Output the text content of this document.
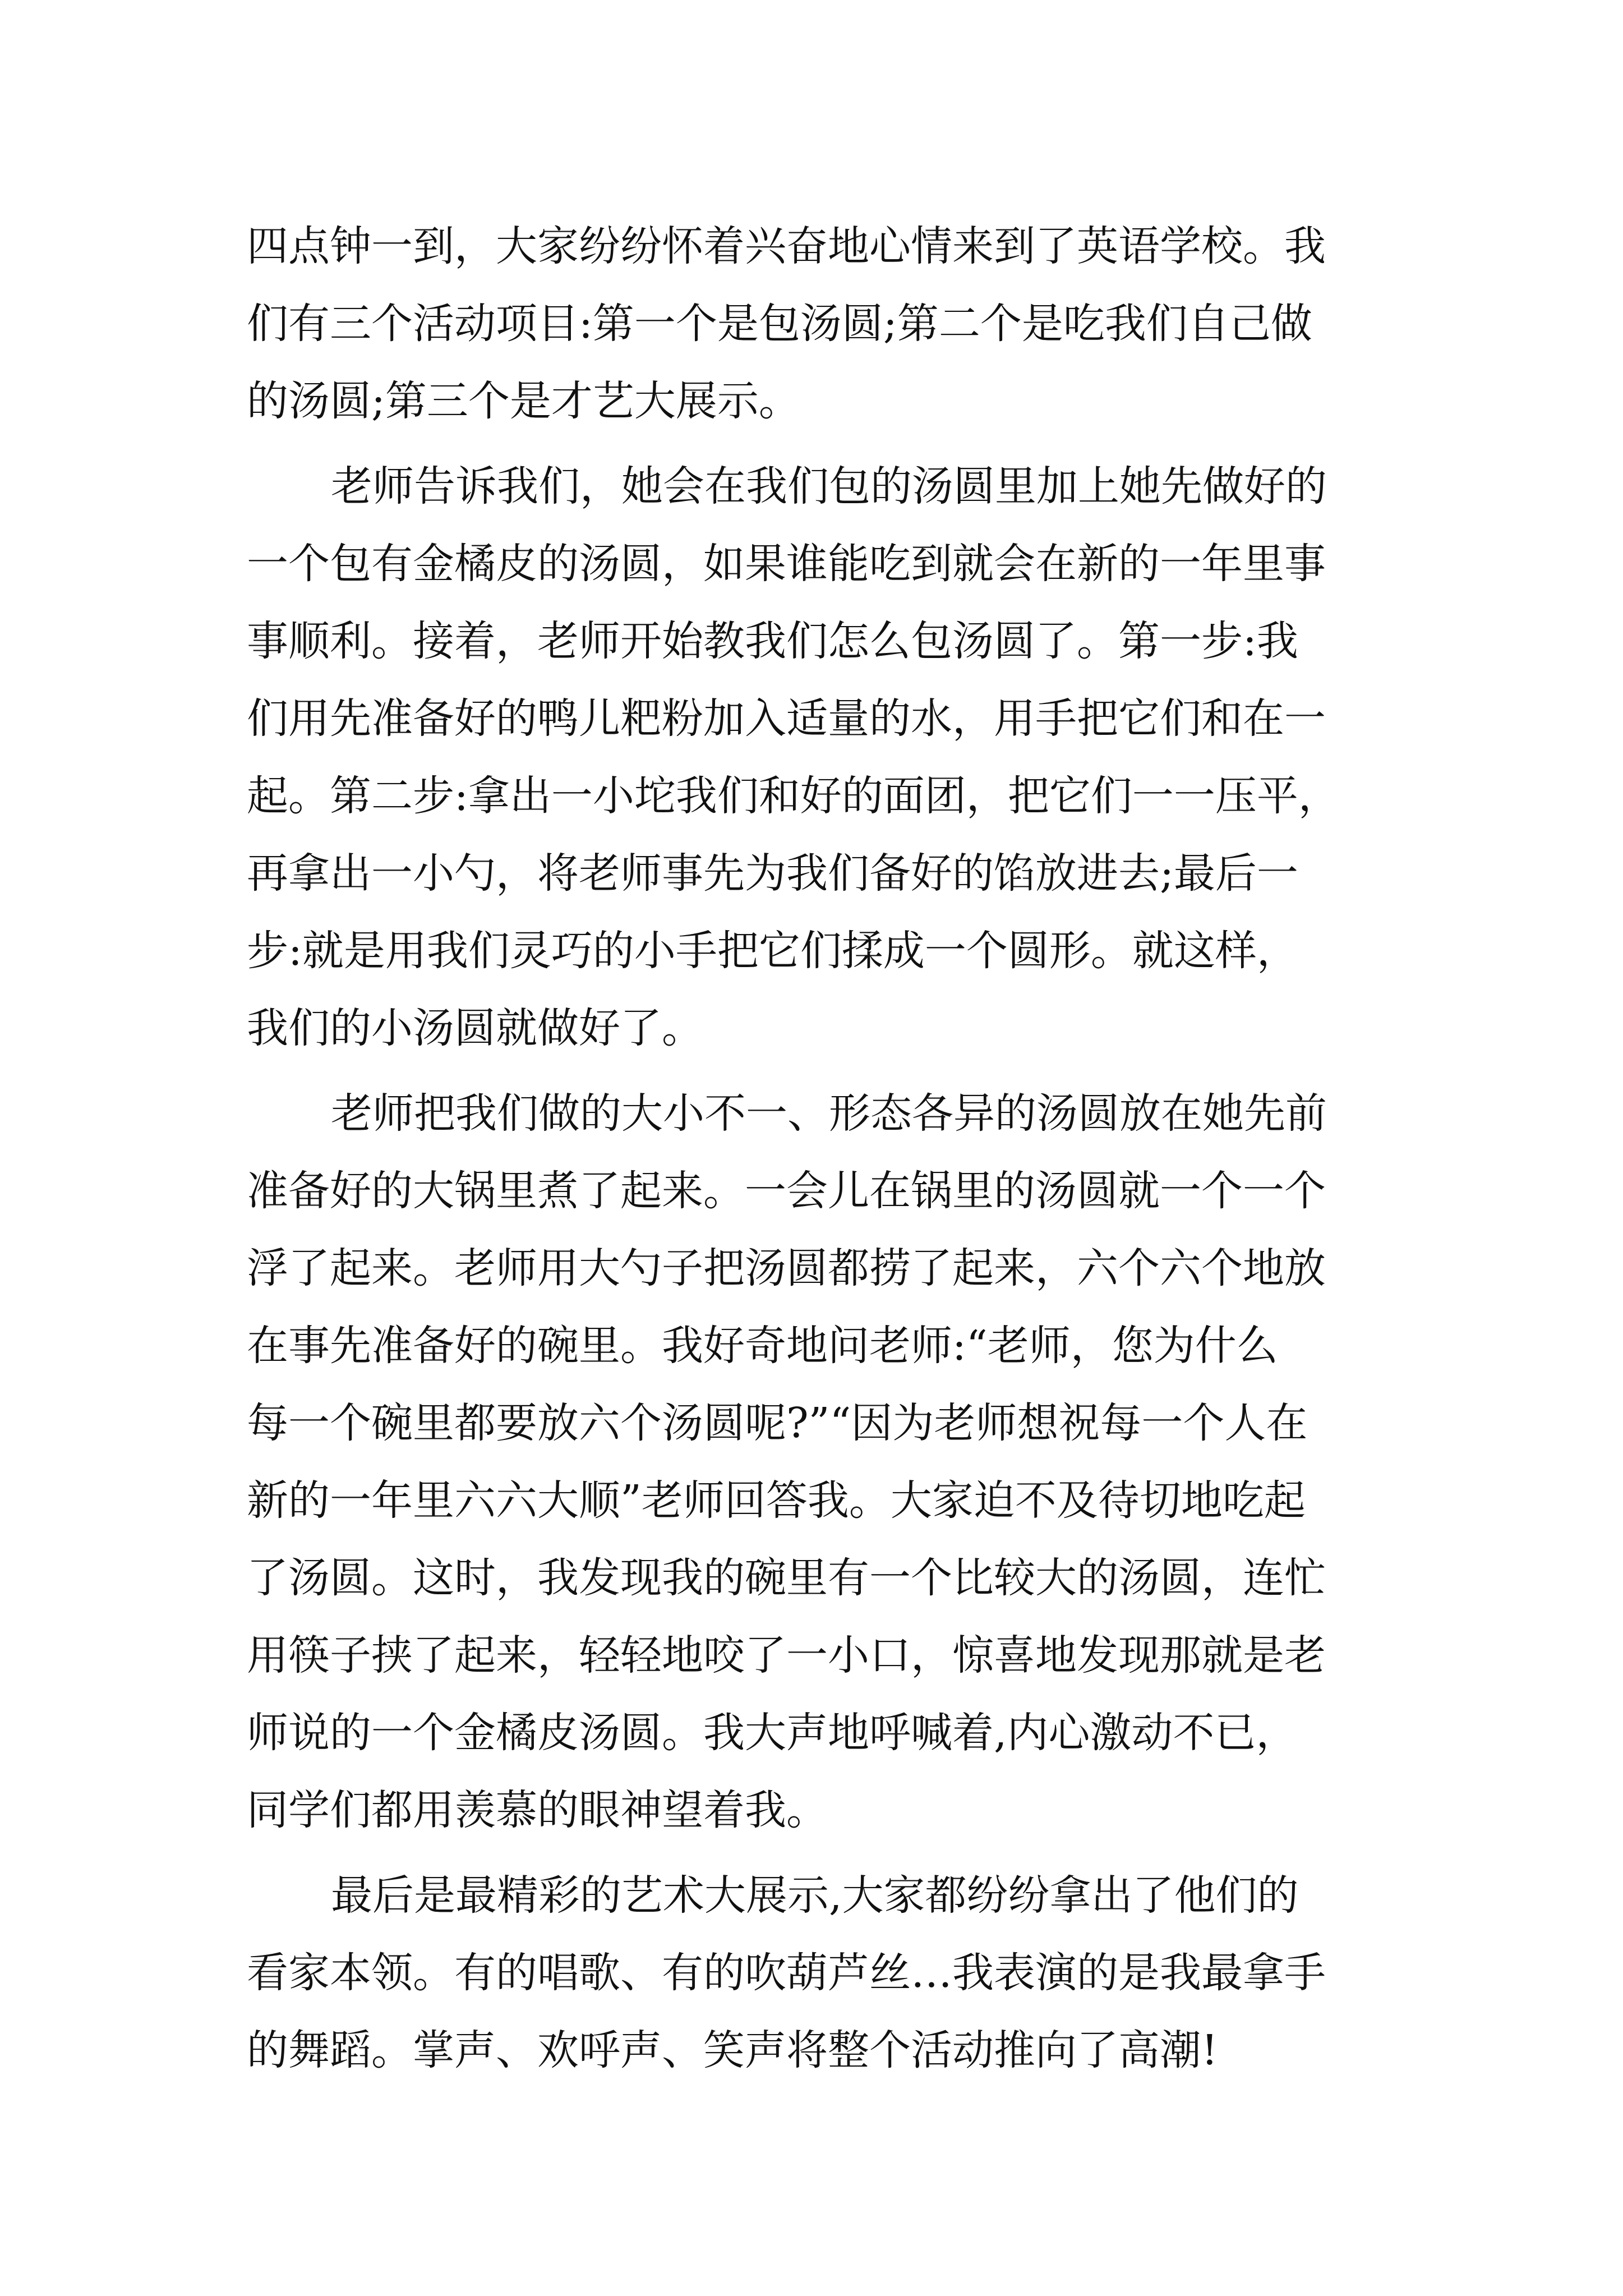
四点钟一到，大家纷纷怀着兴奋地心情来到了英语学校。我
们有三个活动项目:第一个是包汤圆;第二个是吃我们自己做
的汤圆;第三个是才艺大展示。
老师告诉我们，她会在我们包的汤圆里加上她先做好的
一个包有金橘皮的汤圆，如果谁能吃到就会在新的一年里事
事顺利。接着，老师开始教我们怎么包汤圆了。第一步:我
们用先准备好的鸭儿粑粉加入适量的水，用手把它们和在一
起。第二步:拿出一小坨我们和好的面团，把它们一一压平，
再拿出一小勺，将老师事先为我们备好的馅放进去;最后一
步:就是用我们灵巧的小手把它们揉成一个圆形。就这样，
我们的小汤圆就做好了。
老师把我们做的大小不一、形态各异的汤圆放在她先前
准备好的大锅里煮了起来。一会儿在锅里的汤圆就一个一个
浮了起来。老师用大勺子把汤圆都捞了起来，六个六个地放
在事先准备好的碗里。我好奇地问老师:“老师，您为什么
每一个碗里都要放六个汤圆呢?”“因为老师想祝每一个人在
新的一年里六六大顺”老师回答我。大家迫不及待切地吃起
了汤圆。这时，我发现我的碗里有一个比较大的汤圆，连忙
用筷子挟了起来，轻轻地咬了一小口，惊喜地发现那就是老
师说的一个金橘皮汤圆。我大声地呼喊着,内心激动不已，
同学们都用羡慕的眼神望着我。
最后是最精彩的艺术大展示,大家都纷纷拿出了他们的
看家本领。有的唱歌、有的吹葫芦丝…我表演的是我最拿手
的舞蹈。掌声、欢呼声、笑声将整个活动推向了高潮!
